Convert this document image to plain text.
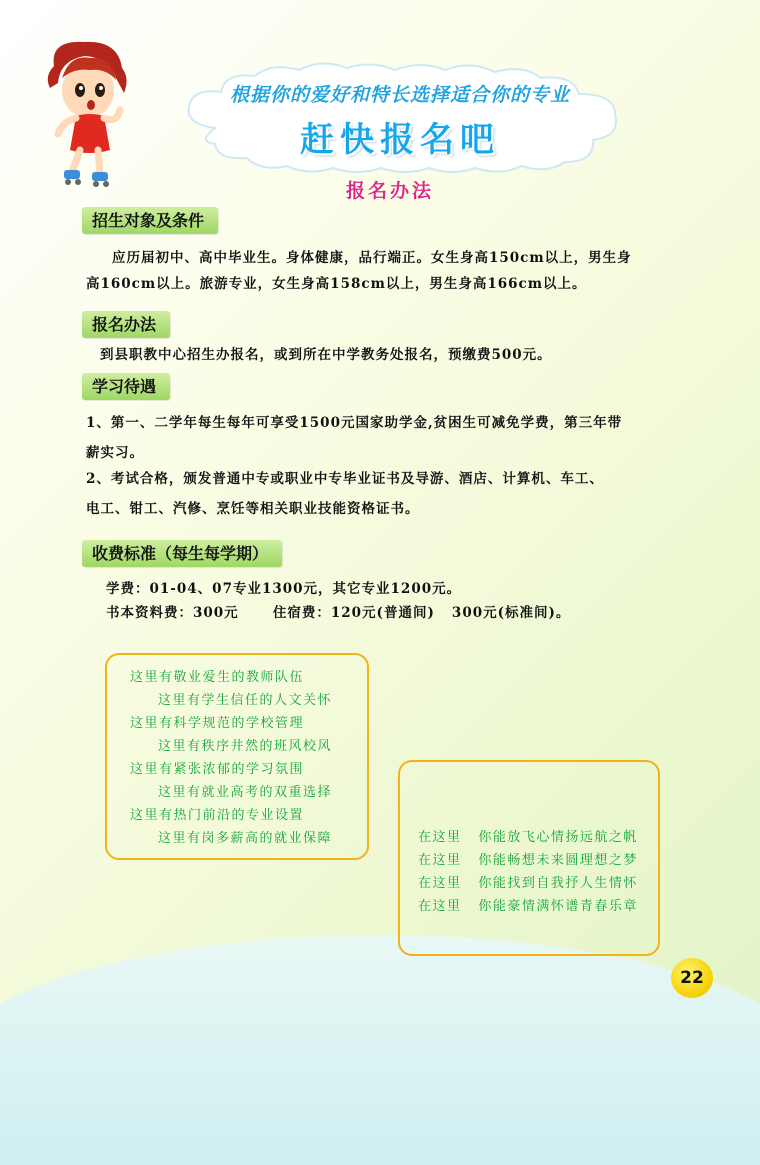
根据你的爱好和特长选择适合你的专业
赶快报名吧
报名办法
招生对象及条件
应历届初中、高中毕业生。身体健康，品行端正。女生身高150cm以上，男生身
高160cm以上。旅游专业，女生身高158cm以上，男生身高166cm以上。
报名办法
到县职教中心招生办报名，或到所在中学教务处报名，预缴费500元。
学习待遇
1、第一、二学年每生每年可享受1500元国家助学金,贫困生可减免学费，第三年带
薪实习。
2、考试合格，颁发普通中专或职业中专毕业证书及导游、酒店、计算机、车工、
电工、钳工、汽修、烹饪等相关职业技能资格证书。
收费标准（每生每学期）
学费：01-04、07专业1300元，其它专业1200元。
书本资料费：300元      住宿费：120元(普通间)   300元(标准间)。
这里有敬业爱生的教师队伍
这里有学生信任的人文关怀
这里有科学规范的学校管理
这里有秩序井然的班风校风
这里有紧张浓郁的学习氛围
这里有就业高考的双重选择
这里有热门前沿的专业设置
这里有岗多薪高的就业保障	在这里   你能放飞心情扬远航之帆
在这里   你能畅想未来圆理想之梦
在这里   你能找到自我抒人生情怀
在这里   你能豪情满怀谱青春乐章
22
